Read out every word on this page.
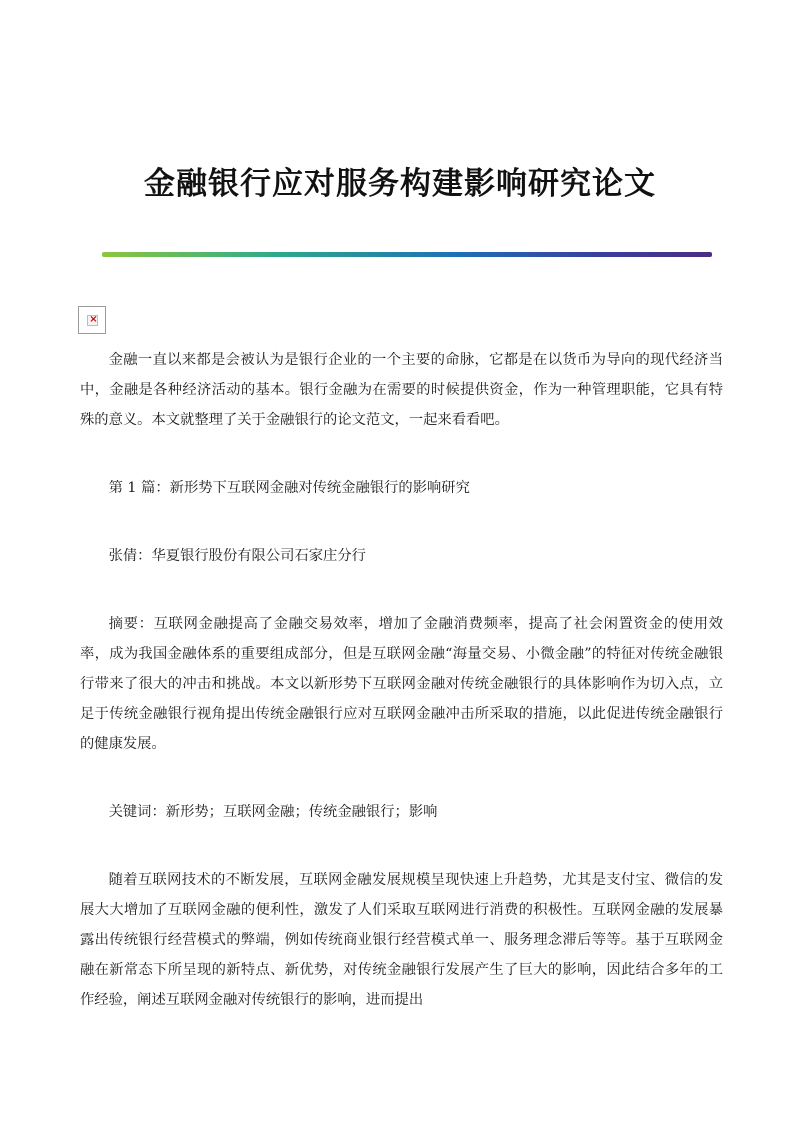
金融银行应对服务构建影响研究论文
×

金融一直以来都是会被认为是银行企业的一个主要的命脉，它都是在以货币为导向的现代经济当中，金融是各种经济活动的基本。银行金融为在需要的时候提供资金，作为一种管理职能，它具有特殊的意义。本文就整理了关于金融银行的论文范文，一起来看看吧。

第 1 篇：新形势下互联网金融对传统金融银行的影响研究

张倩：华夏银行股份有限公司石家庄分行

摘要：互联网金融提高了金融交易效率，增加了金融消费频率，提高了社会闲置资金的使用效率，成为我国金融体系的重要组成部分，但是互联网金融“海量交易、小微金融”的特征对传统金融银行带来了很大的冲击和挑战。本文以新形势下互联网金融对传统金融银行的具体影响作为切入点，立足于传统金融银行视角提出传统金融银行应对互联网金融冲击所采取的措施，以此促进传统金融银行的健康发展。

关键词：新形势；互联网金融；传统金融银行；影响

随着互联网技术的不断发展，互联网金融发展规模呈现快速上升趋势，尤其是支付宝、微信的发展大大增加了互联网金融的便利性，激发了人们采取互联网进行消费的积极性。互联网金融的发展暴露出传统银行经营模式的弊端，例如传统商业银行经营模式单一、服务理念滞后等等。基于互联网金融在新常态下所呈现的新特点、新优势，对传统金融银行发展产生了巨大的影响，因此结合多年的工作经验，阐述互联网金融对传统银行的影响，进而提出
